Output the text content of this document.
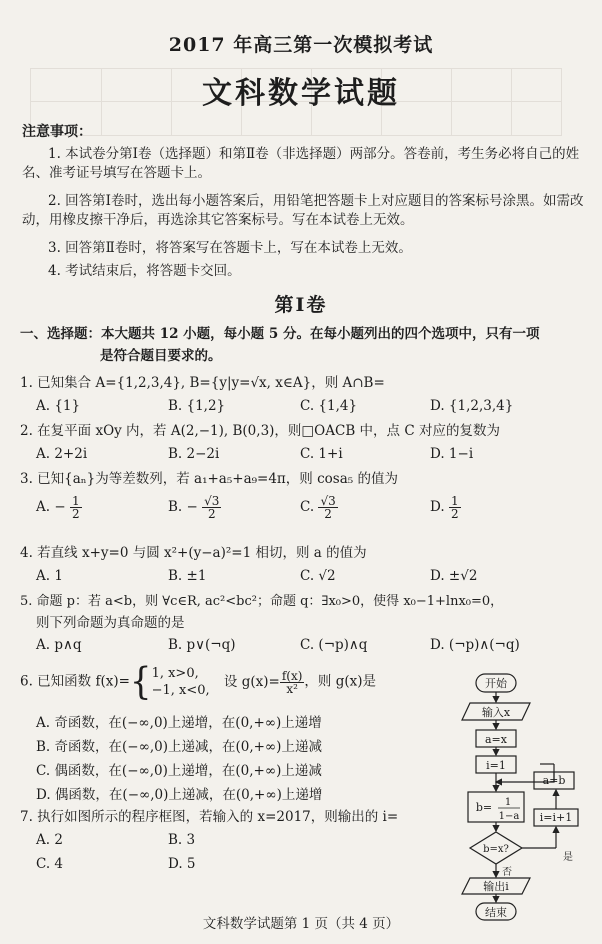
2017 年高三第一次模拟考试
文科数学试题
注意事项：
1. 本试卷分第Ⅰ卷（选择题）和第Ⅱ卷（非选择题）两部分。答卷前，考生务必将自己的姓名、准考证号填写在答题卡上。
2. 回答第Ⅰ卷时，选出每小题答案后，用铅笔把答题卡上对应题目的答案标号涂黑。如需改动，用橡皮擦干净后，再选涂其它答案标号。写在本试卷上无效。
3. 回答第Ⅱ卷时，将答案写在答题卡上，写在本试卷上无效。
4. 考试结束后，将答题卡交回。
第Ⅰ卷
一、选择题：本大题共 12 小题，每小题 5 分。在每小题列出的四个选项中，只有一项
是符合题目要求的。
1. 已知集合 A={1,2,3,4}, B={y|y=√x, x∈A}，则 A∩B=
A. {1}	B. {1,2}	C. {1,4}	D. {1,2,3,4}
2. 在复平面 xOy 内，若 A(2,−1), B(0,3)，则□OACB 中，点 C 对应的复数为
A. 2+2i	B. 2−2i	C. 1+i	D. 1−i
3. 已知{aₙ}为等差数列，若 a₁+a₅+a₉=4π，则 cosa₅ 的值为
A. − $\frac{1}{2}$	B. − $\frac{√3}{2}$	C. $\frac{√3}{2}$	D. $\frac{1}{2}$
4. 若直线 x+y=0 与圆 x²+(y−a)²=1 相切，则 a 的值为
A. 1	B. ±1	C. √2	D. ±√2
5. 命题 p：若 a<b，则 ∀c∈R, ac²<bc²；命题 q：∃x₀>0，使得 x₀−1+lnx₀=0，
则下列命题为真命题的是
A. p∧q	B. p∨(¬q)	C. (¬p)∧q	D. (¬p)∧(¬q)
6. 已知函数 f(x)={ 1, x>0,
−1, x<0,
设 $g(x)= \frac{f(x)}{\text{x²}}$ ，则 g(x)是
A. 奇函数，在(−∞,0)上递增，在(0,+∞)上递增
B. 奇函数，在(−∞,0)上递减，在(0,+∞)上递减
C. 偶函数，在(−∞,0)上递增，在(0,+∞)上递减
D. 偶函数，在(−∞,0)上递减，在(0,+∞)上递增
7. 执行如图所示的程序框图，若输入的 x=2017，则输出的 i=
A. 2	B. 3
C. 4	D. 5
开始
输入x
a=x
i=1
b= 1
1−a
b=x?
否
是
输出i
结束
a=b
i=i+1
文科数学试题第 1 页（共 4 页）
